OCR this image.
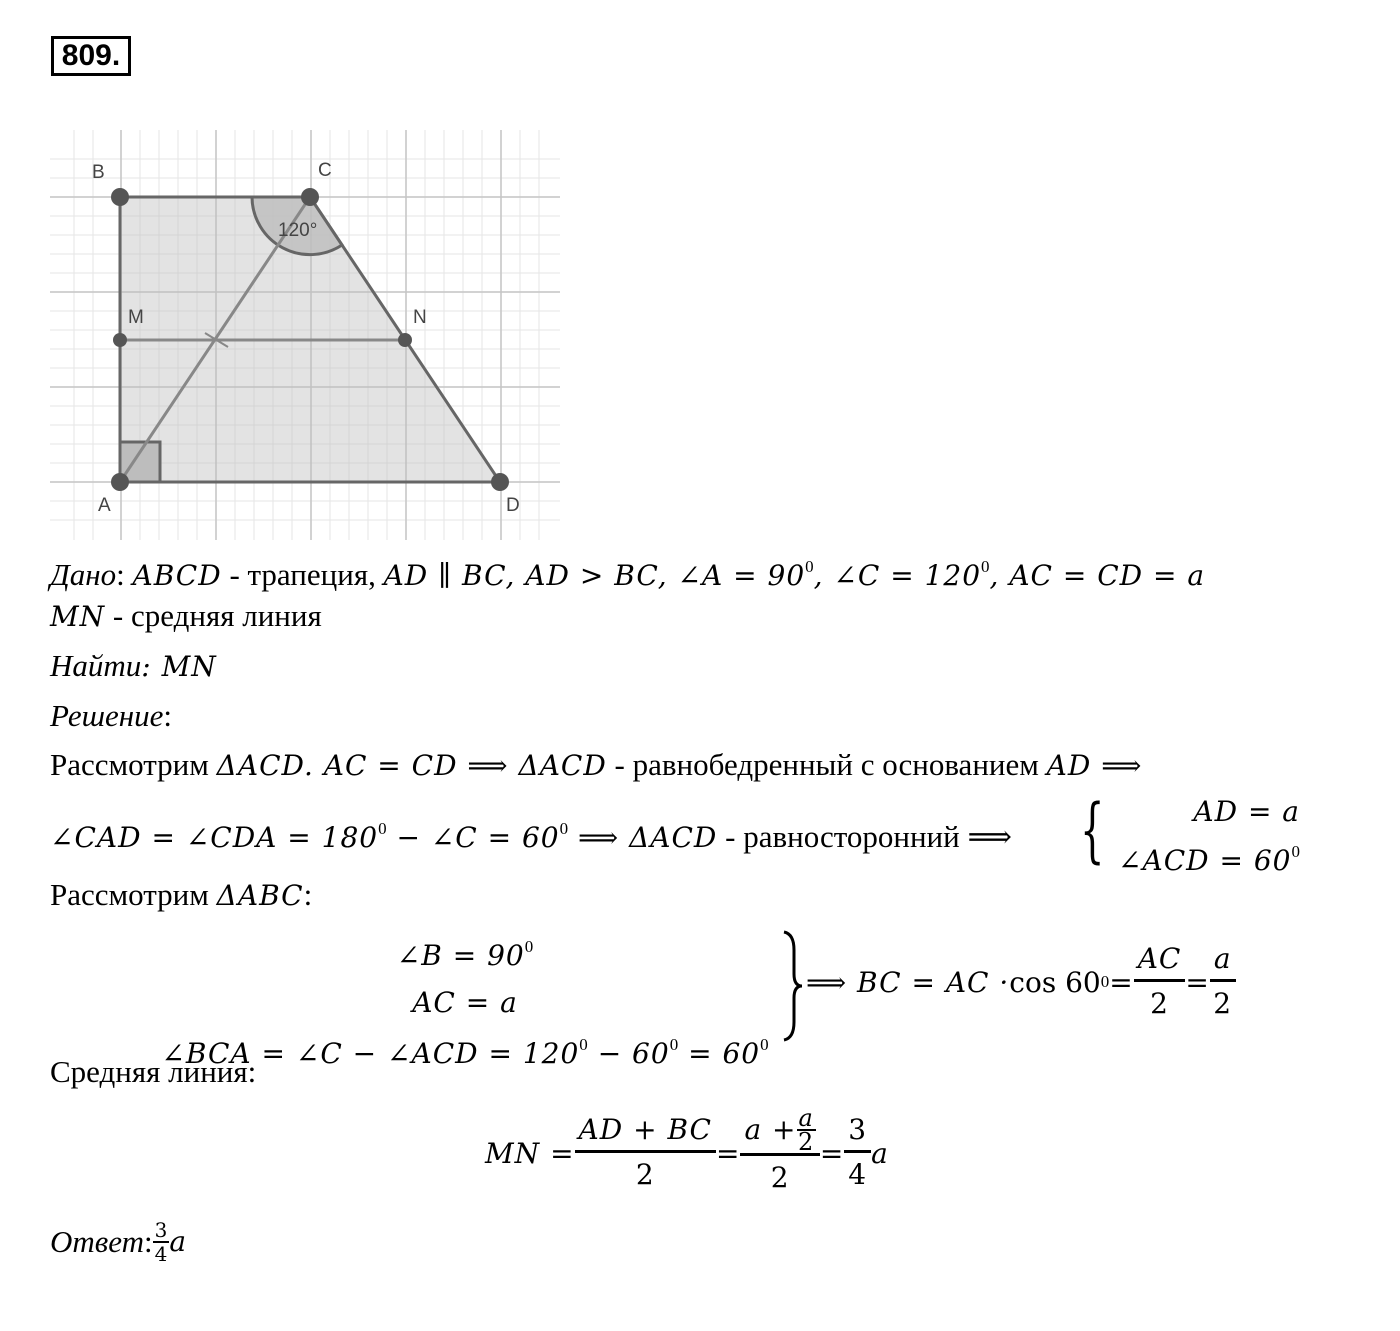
809.
120°
B	C
M	N
A	D
Дано: ABCD - трапеция, AD ∥ BC, AD > BC, ∠A = $90^0$, ∠C = $120^0$, AC = CD = a
MN - средняя линия
Найти: MN
Решение:
Рассмотрим ΔACD. AC = CD ⟹ ΔACD - равнобедренный с основанием AD ⟹
∠CAD = ∠CDA = $180^0$ − ∠C = $60^0$ ⟹ ΔACD - равносторонний ⟹ {	AD = a
∠ACD = $60^0$
Рассмотрим ΔABC:
∠B = $90^0$
AC = a
∠BCA = ∠C − ∠ACD = $120^0 - 60^0 = 60^0$
⟹ BC = AC · cos 60 $0 = \frac{AC}{2} = \frac{a}{2}$
Средняя линия:
MN = $\frac{AD + BC}{2} = \frac{a + \frac{a}{2}}{2} = \frac{3}{4}$ a
Ответ : $\frac{3}{4}$ a
